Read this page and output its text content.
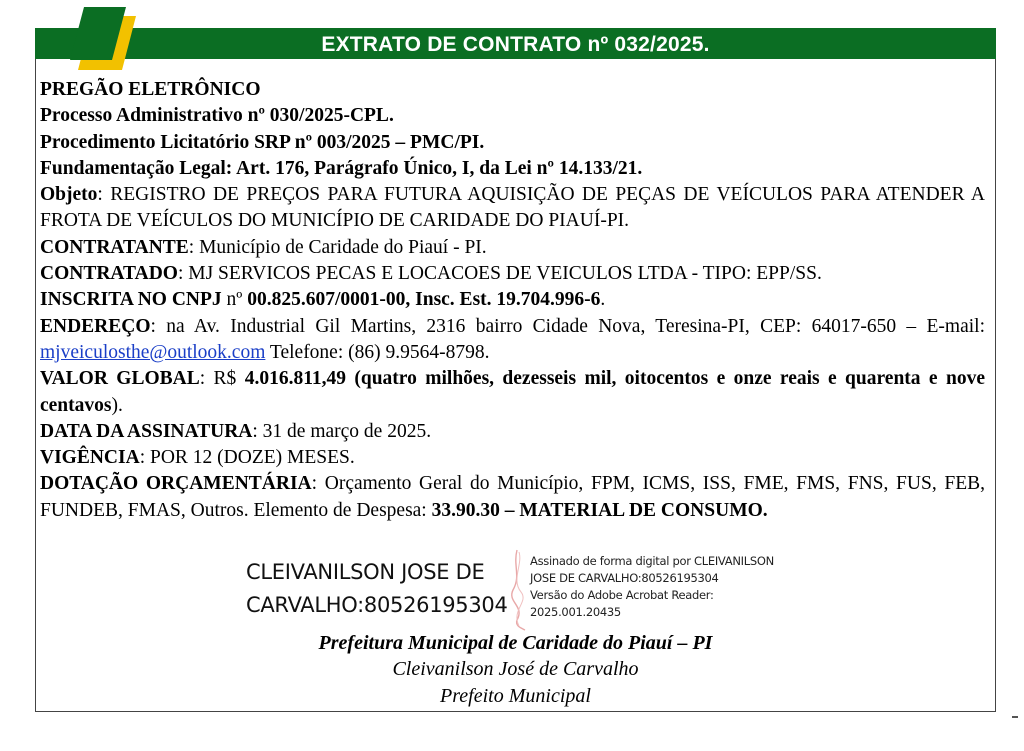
EXTRATO DE CONTRATO nº 032/2025.

PREGÃO ELETRÔNICO

Processo Administrativo nº 030/2025-CPL.

Procedimento Licitatório SRP nº 003/2025 – PMC/PI.

Fundamentação Legal: Art. 176, Parágrafo Único, I, da Lei nº 14.133/21.

Objeto: REGISTRO DE PREÇOS PARA FUTURA AQUISIÇÃO DE PEÇAS DE VEÍCULOS PARA ATENDER A FROTA DE VEÍCULOS DO MUNICÍPIO DE CARIDADE DO PIAUÍ-PI.

CONTRATANTE: Município de Caridade do Piauí - PI.

CONTRATADO: MJ SERVICOS PECAS E LOCACOES DE VEICULOS LTDA - TIPO: EPP/SS.

INSCRITA NO CNPJ nº 00.825.607/0001-00, Insc. Est. 19.704.996-6.

ENDEREÇO: na Av. Industrial Gil Martins, 2316 bairro Cidade Nova, Teresina-PI, CEP: 64017-650 – E-mail: mjveiculosthe@outlook.com Telefone: (86) 9.9564-8798.

VALOR GLOBAL: R$ 4.016.811,49 (quatro milhões, dezesseis mil, oitocentos e onze reais e quarenta e nove centavos).

DATA DA ASSINATURA: 31 de março de 2025.

VIGÊNCIA: POR 12 (DOZE) MESES.

DOTAÇÃO ORÇAMENTÁRIA: Orçamento Geral do Município, FPM, ICMS, ISS, FME, FMS, FNS, FUS, FEB, FUNDEB, FMAS, Outros. Elemento de Despesa: 33.90.30 – MATERIAL DE CONSUMO.

CLEIVANILSON JOSE DE
CARVALHO:80526195304
Assinado de forma digital por CLEIVANILSON
JOSE DE CARVALHO:80526195304
Versão do Adobe Acrobat Reader:
2025.001.20435
Prefeitura Municipal de Caridade do Piauí – PI
Cleivanilson José de Carvalho
Prefeito Municipal
